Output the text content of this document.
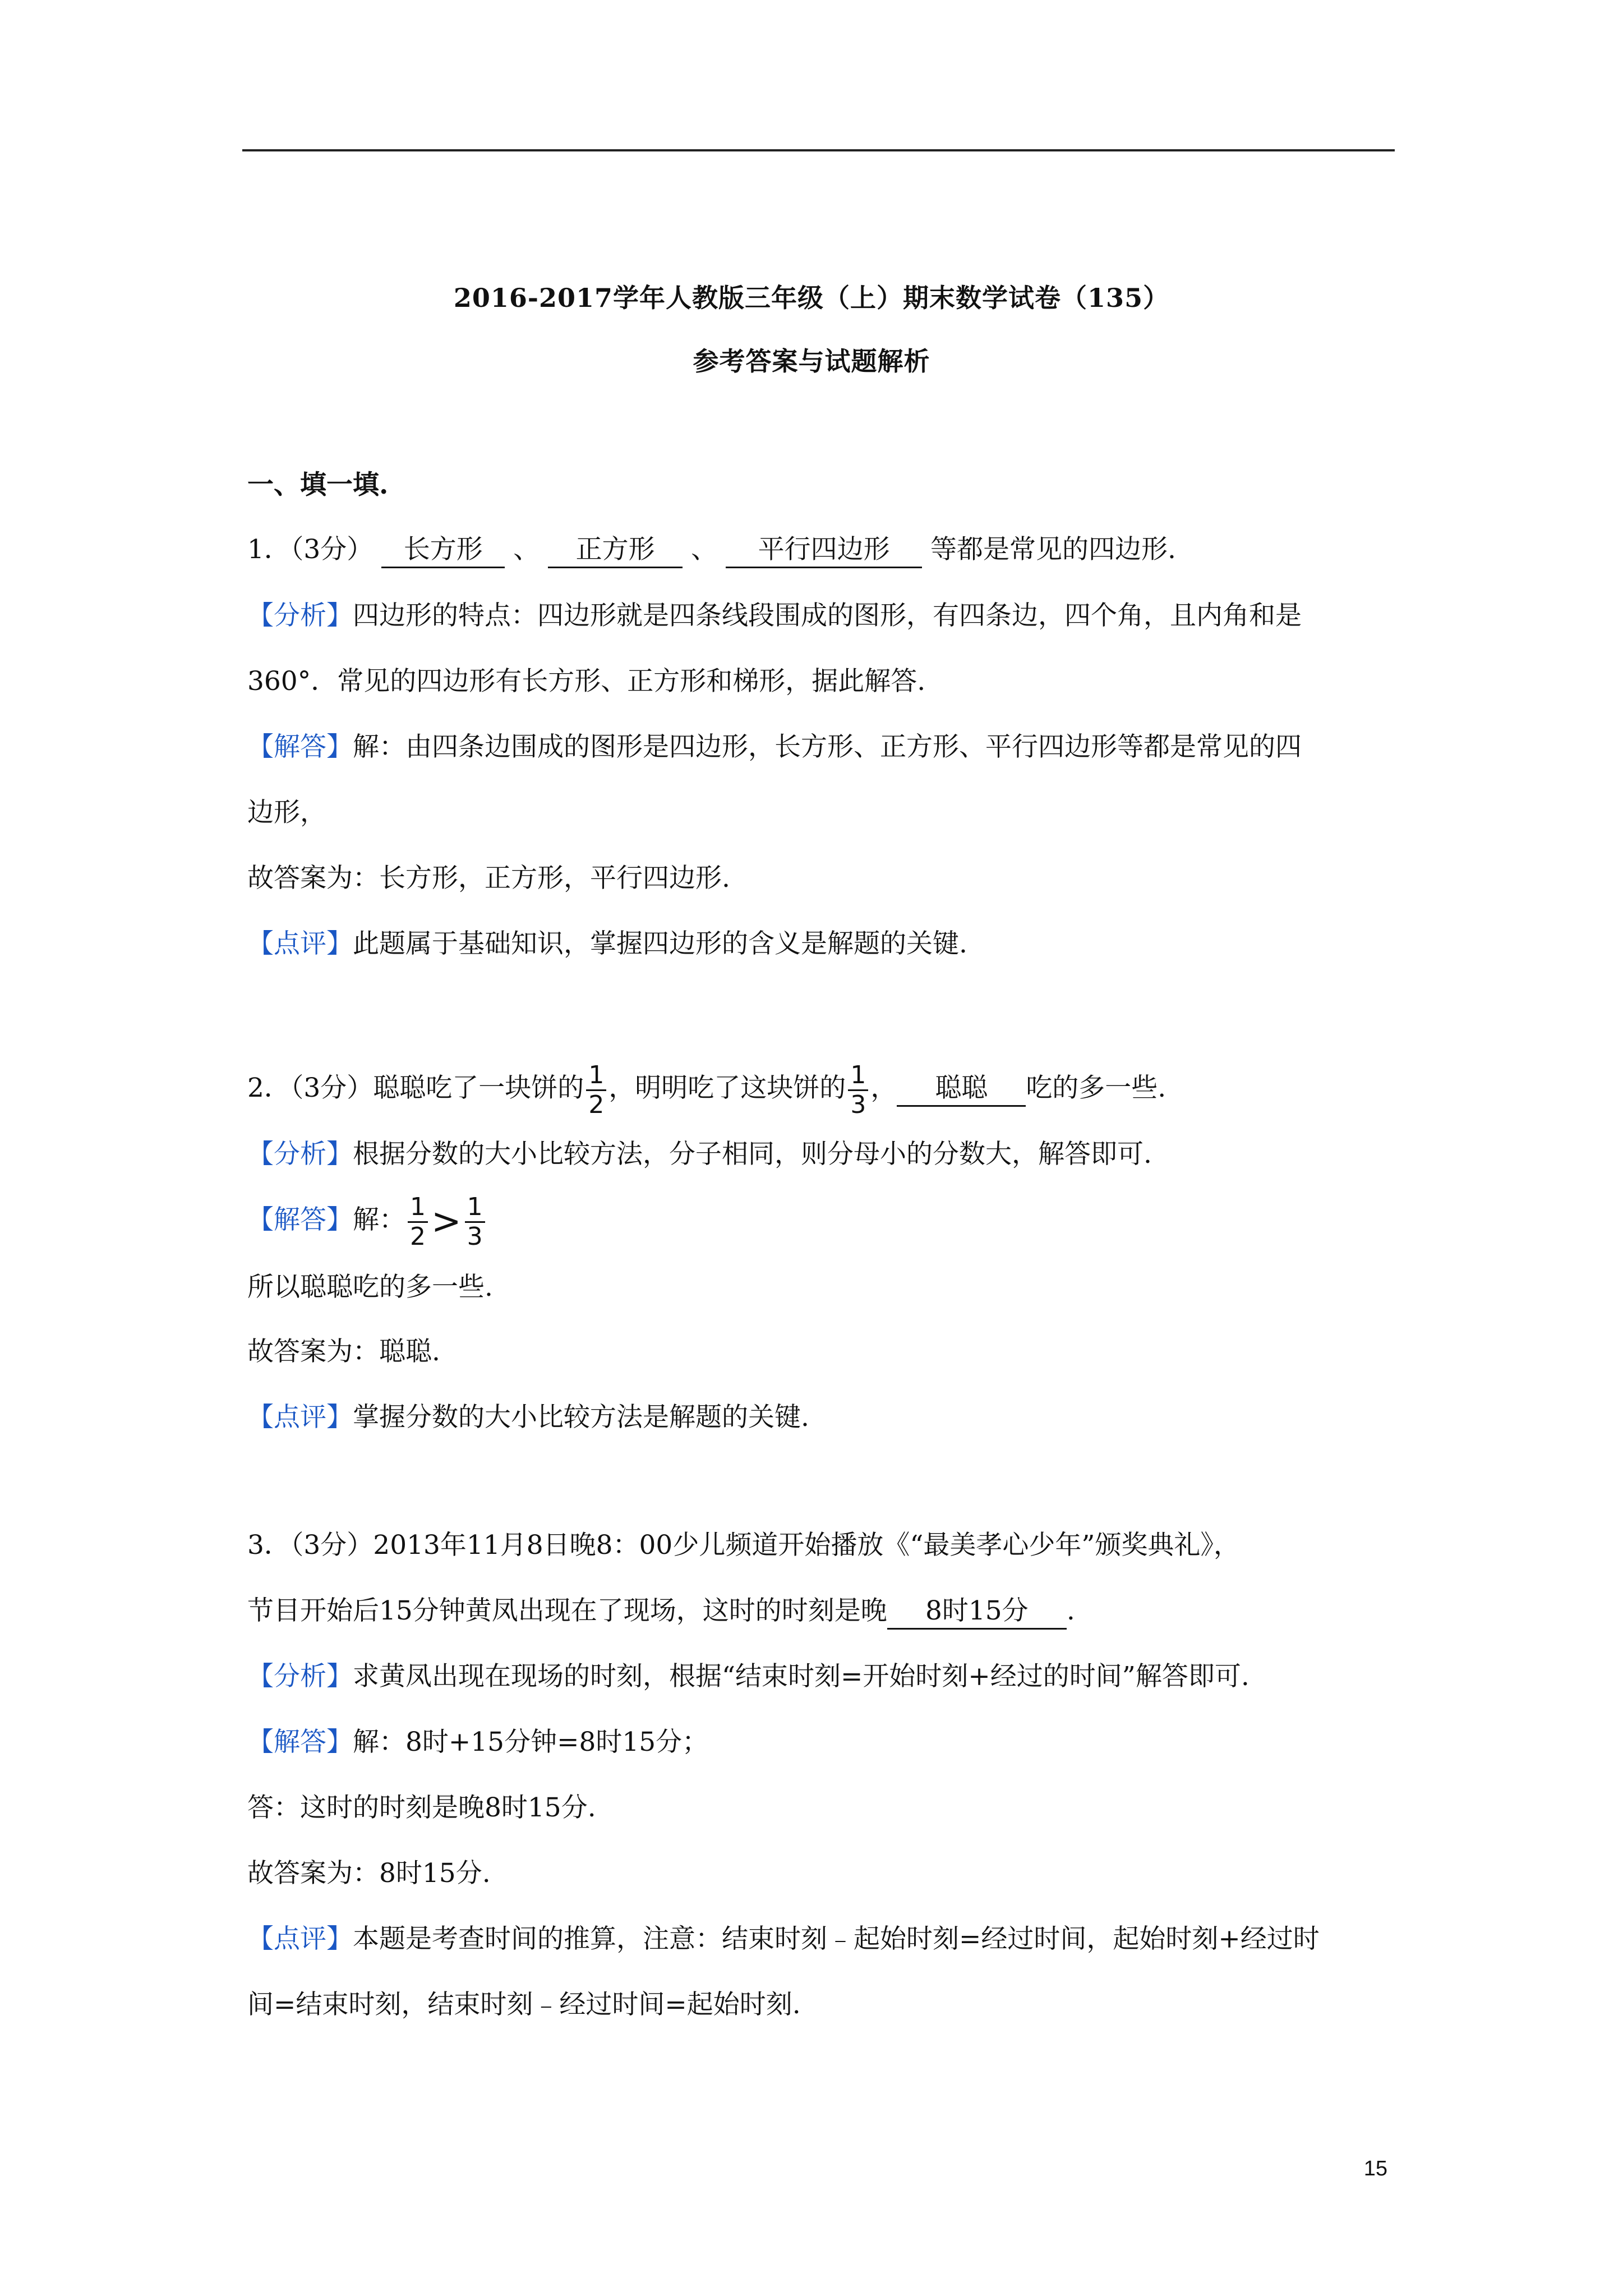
2016-2017学年人教版三年级（上）期末数学试卷（135）
参考答案与试题解析
一、填一填.
1．（3分） 长方形 、 正方形 、 平行四边形 等都是常见的四边形.
【分析】四边形的特点：四边形就是四条线段围成的图形，有四条边，四个角，且内角和是
360°．常见的四边形有长方形、正方形和梯形，据此解答.
【解答】解：由四条边围成的图形是四边形，长方形、正方形、平行四边形等都是常见的四
边形，
故答案为：长方形，正方形，平行四边形.
【点评】此题属于基础知识，掌握四边形的含义是解题的关键.
2．（3分）聪聪吃了一块饼的 $\frac{1}{2}$ ，明明吃了这块饼的 $\frac{1}{3}$ ， 聪聪 吃的多一些.
【分析】根据分数的大小比较方法，分子相同，则分母小的分数大，解答即可.
【解答】解： $\frac{1}{2} > \frac{1}{3}$
所以聪聪吃的多一些.
故答案为：聪聪.
【点评】掌握分数的大小比较方法是解题的关键.
3．（3分）2013年11月8日晚8：00少儿频道开始播放《“最美孝心少年”颁奖典礼》，
节目开始后15分钟黄凤出现在了现场，这时的时刻是晚 8时15分 .
【分析】求黄凤出现在现场的时刻，根据“结束时刻=开始时刻+经过的时间”解答即可.
【解答】解：8时+15分钟=8时15分；
答：这时的时刻是晚8时15分.
故答案为：8时15分.
【点评】本题是考查时间的推算，注意：结束时刻﹣起始时刻=经过时间，起始时刻+经过时
间=结束时刻，结束时刻﹣经过时间=起始时刻.
15
